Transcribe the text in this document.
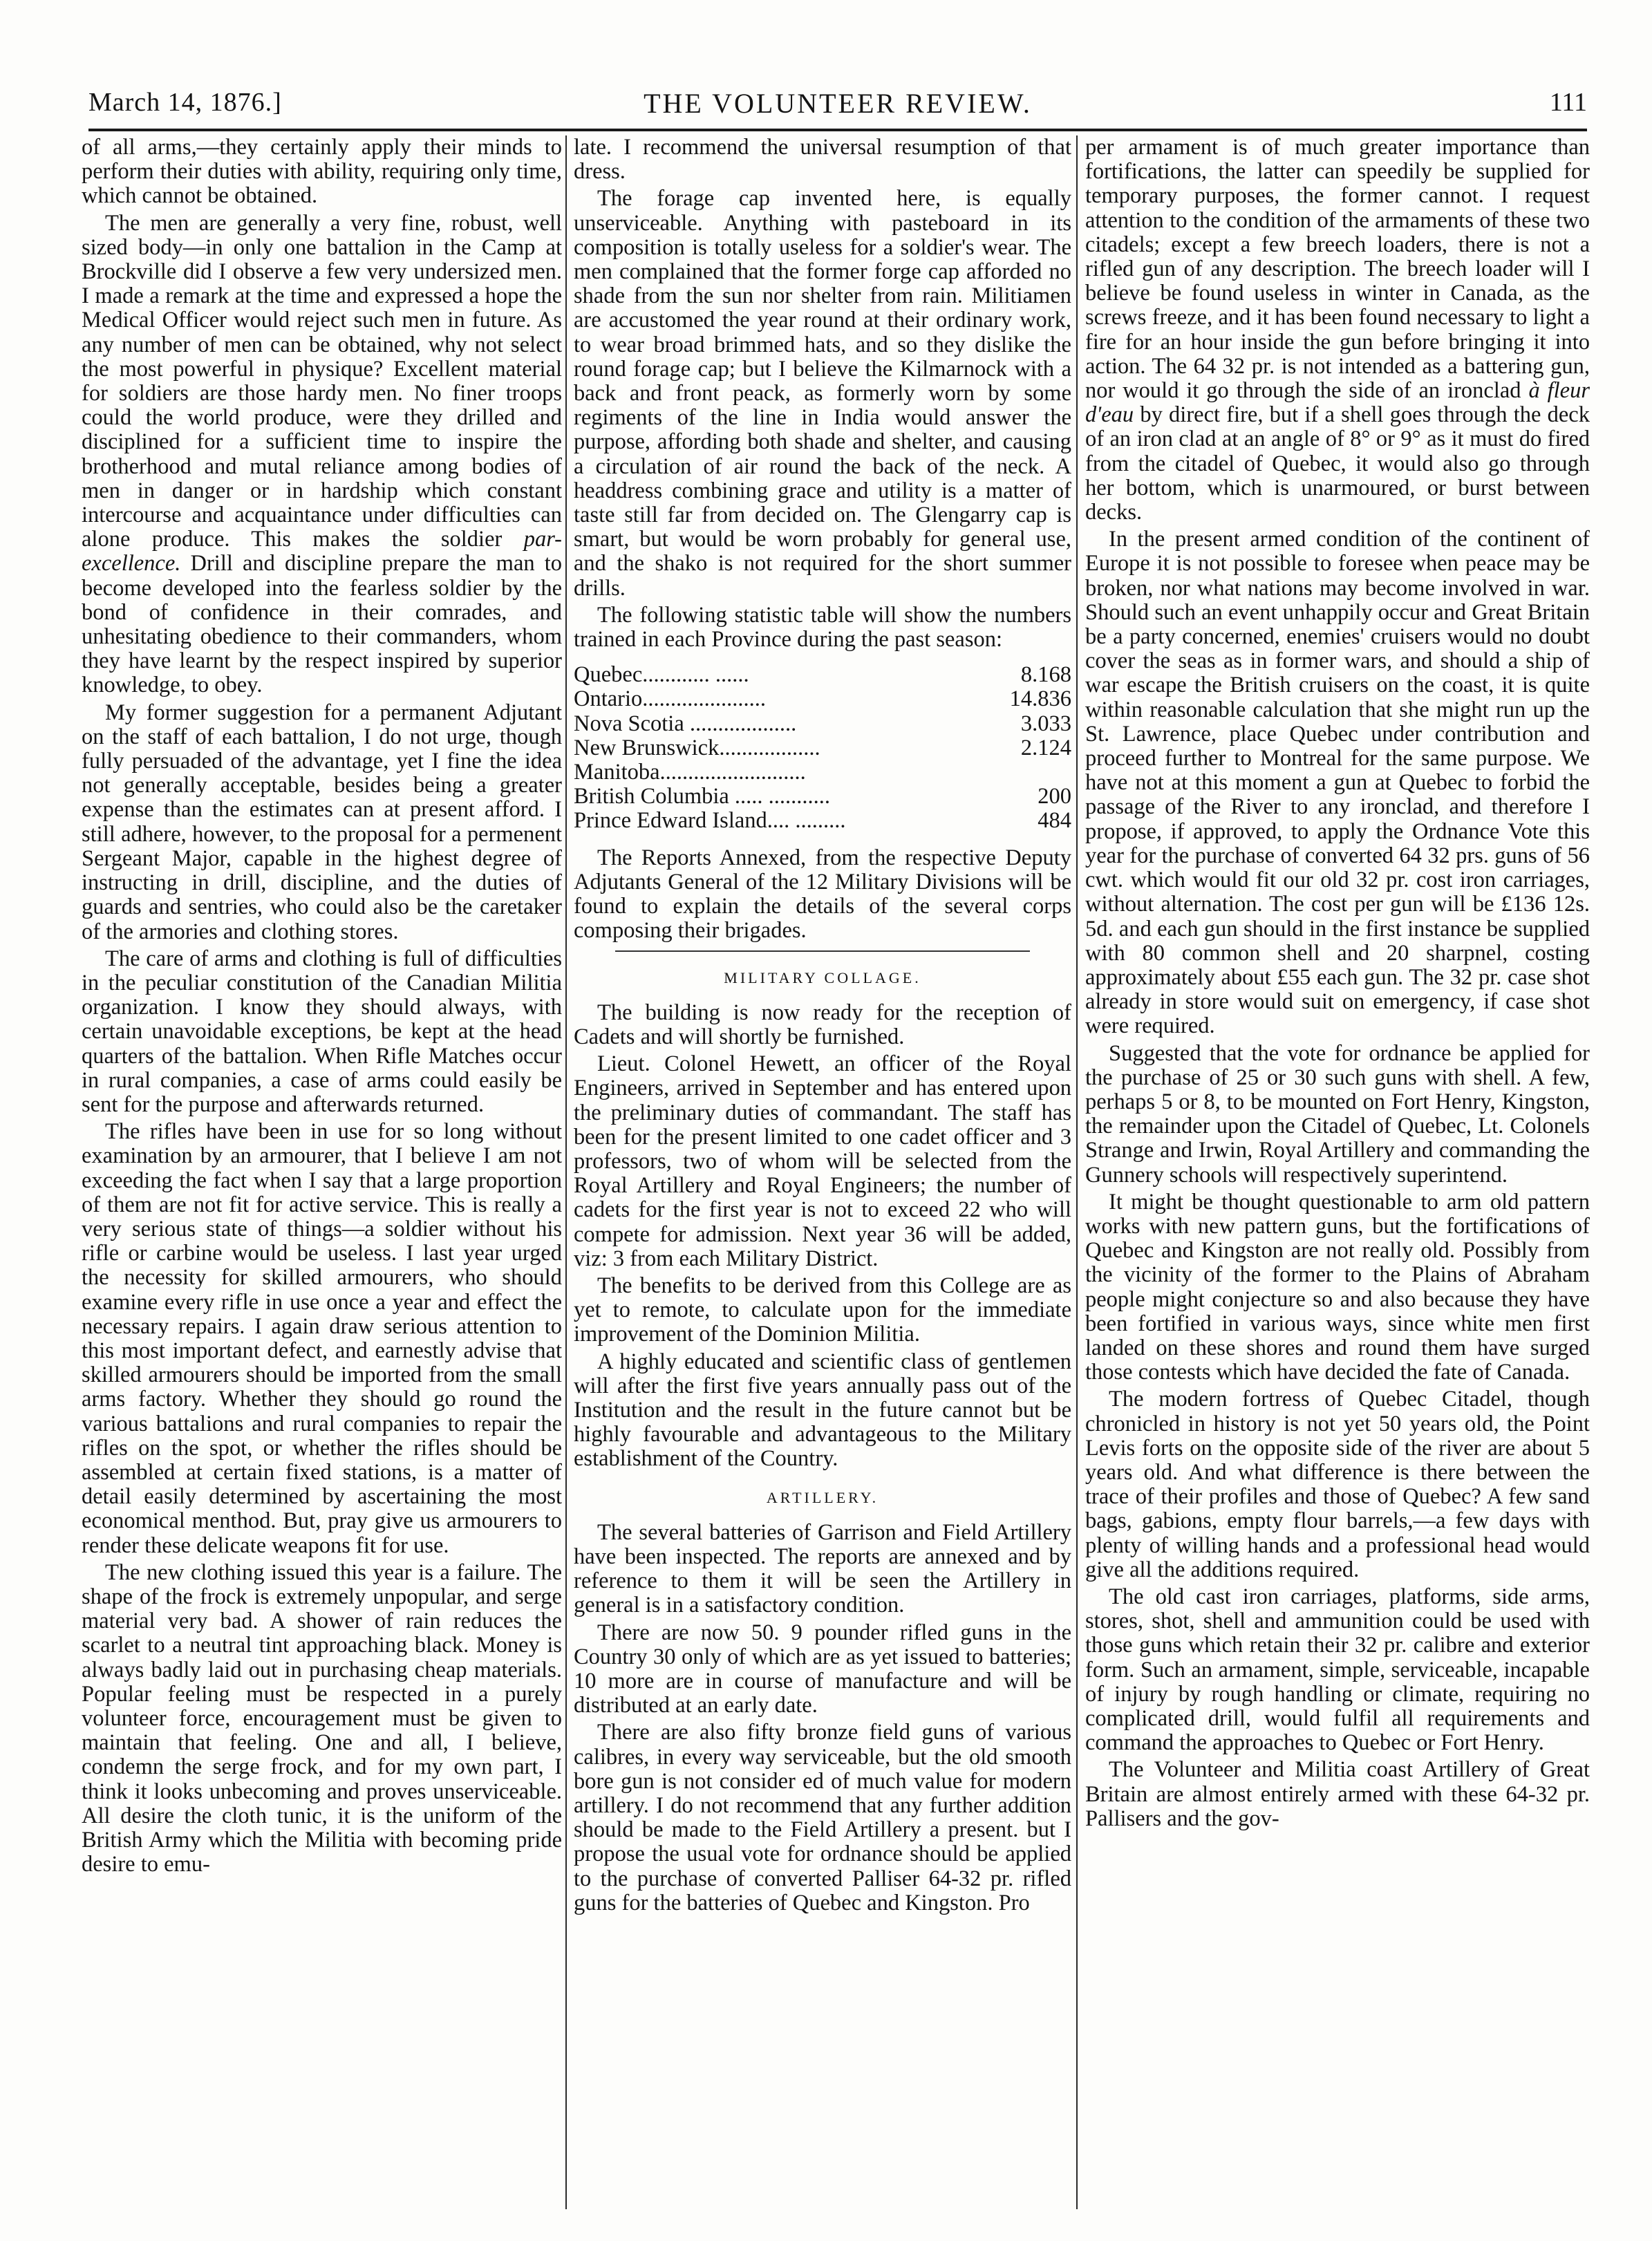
March 14, 1876.]	THE VOLUNTEER REVIEW.	111

of all arms,—they certainly apply their minds to perform their duties with ability, requiring only time, which cannot be obtained.

The men are generally a very fine, robust, well sized body—in only one battalion in the Camp at Brockville did I observe a few very undersized men. I made a remark at the time and expressed a hope the Medical Officer would reject such men in future. As any number of men can be obtained, why not select the most powerful in physique? Excellent material for soldiers are those hardy men. No finer troops could the world produce, were they drilled and disciplined for a sufficient time to inspire the brotherhood and mutal reliance among bodies of men in danger or in hardship which constant intercourse and acquaintance under difficulties can alone produce. This makes the soldier par-excellence. Drill and discipline prepare the man to become developed into the fearless soldier by the bond of confidence in their comrades, and unhesitating obedience to their commanders, whom they have learnt by the respect inspired by superior knowledge, to obey.

My former suggestion for a permanent Adjutant on the staff of each battalion, I do not urge, though fully persuaded of the advantage, yet I fine the idea not generally acceptable, besides being a greater expense than the estimates can at present afford. I still adhere, however, to the proposal for a permenent Sergeant Major, capable in the highest degree of instructing in drill, discipline, and the duties of guards and sentries, who could also be the caretaker of the armories and clothing stores.

The care of arms and clothing is full of difficulties in the peculiar constitution of the Canadian Militia organization. I know they should always, with certain unavoidable exceptions, be kept at the head quarters of the battalion. When Rifle Matches occur in rural companies, a case of arms could easily be sent for the purpose and afterwards returned.

The rifles have been in use for so long without examination by an armourer, that I believe I am not exceeding the fact when I say that a large proportion of them are not fit for active service. This is really a very serious state of things—a soldier without his rifle or carbine would be useless. I last year urged the necessity for skilled armourers, who should examine every rifle in use once a year and effect the necessary repairs. I again draw serious attention to this most important defect, and earnestly advise that skilled armourers should be imported from the small arms factory. Whether they should go round the various battalions and rural companies to repair the rifles on the spot, or whether the rifles should be assembled at certain fixed stations, is a matter of detail easily determined by ascertaining the most economical menthod. But, pray give us armourers to render these delicate weapons fit for use.

The new clothing issued this year is a failure. The shape of the frock is extremely unpopular, and serge material very bad. A shower of rain reduces the scarlet to a neutral tint approaching black. Money is always badly laid out in purchasing cheap materials. Popular feeling must be respected in a purely volunteer force, encouragement must be given to maintain that feeling. One and all, I believe, condemn the serge frock, and for my own part, I think it looks unbecoming and proves unserviceable. All desire the cloth tunic, it is the uniform of the British Army which the Militia with becoming pride desire to emu-

late. I recommend the universal resumption of that dress.

The forage cap invented here, is equally unserviceable. Anything with pasteboard in its composition is totally useless for a soldier's wear. The men complained that the former forge cap afforded no shade from the sun nor shelter from rain. Militiamen are accustomed the year round at their ordinary work, to wear broad brimmed hats, and so they dislike the round forage cap; but I believe the Kilmarnock with a back and front peack, as formerly worn by some regiments of the line in India would answer the purpose, affording both shade and shelter, and causing a circulation of air round the back of the neck. A headdress combining grace and utility is a matter of taste still far from decided on. The Glengarry cap is smart, but would be worn probably for general use, and the shako is not required for the short summer drills.

The following statistic table will show the numbers trained in each Province during the past season:

Quebec............ ......	8.168
Ontario......................	14.836
Nova Scotia ...................	3.033
New Brunswick..................	2.124
Manitoba..........................	
British Columbia ..... ...........	200
Prince Edward Island.... .........	484

The Reports Annexed, from the respective Deputy Adjutants General of the 12 Military Divisions will be found to explain the details of the several corps composing their brigades.

MILITARY COLLAGE.

The building is now ready for the reception of Cadets and will shortly be furnished.

Lieut. Colonel Hewett, an officer of the Royal Engineers, arrived in September and has entered upon the preliminary duties of commandant. The staff has been for the present limited to one cadet officer and 3 professors, two of whom will be selected from the Royal Artillery and Royal Engineers; the number of cadets for the first year is not to exceed 22 who will compete for admission. Next year 36 will be added, viz: 3 from each Military District.

The benefits to be derived from this College are as yet to remote, to calculate upon for the immediate improvement of the Dominion Militia.

A highly educated and scientific class of gentlemen will after the first five years annually pass out of the Institution and the result in the future cannot but be highly favourable and advantageous to the Military establishment of the Country.

ARTILLERY.

The several batteries of Garrison and Field Artillery have been inspected. The reports are annexed and by reference to them it will be seen the Artillery in general is in a satisfactory condition.

There are now 50. 9 pounder rifled guns in the Country 30 only of which are as yet issued to batteries; 10 more are in course of manufacture and will be distributed at an early date.

There are also fifty bronze field guns of various calibres, in every way serviceable, but the old smooth bore gun is not consider ed of much value for modern artillery. I do not recommend that any further addition should be made to the Field Artillery a present. but I propose the usual vote for ordnance should be applied to the purchase of converted Palliser 64-32 pr. rifled guns for the batteries of Quebec and Kingston. Pro

per armament is of much greater importance than fortifications, the latter can speedily be supplied for temporary purposes, the former cannot. I request attention to the condition of the armaments of these two citadels; except a few breech loaders, there is not a rifled gun of any description. The breech loader will I believe be found useless in winter in Canada, as the screws freeze, and it has been found necessary to light a fire for an hour inside the gun before bringing it into action. The 64 32 pr. is not intended as a battering gun, nor would it go through the side of an ironclad à fleur d'eau by direct fire, but if a shell goes through the deck of an iron clad at an angle of 8° or 9° as it must do fired from the citadel of Quebec, it would also go through her bottom, which is unarmoured, or burst between decks.

In the present armed condition of the continent of Europe it is not possible to foresee when peace may be broken, nor what nations may become involved in war. Should such an event unhappily occur and Great Britain be a party concerned, enemies' cruisers would no doubt cover the seas as in former wars, and should a ship of war escape the British cruisers on the coast, it is quite within reasonable calculation that she might run up the St. Lawrence, place Quebec under contribution and proceed further to Montreal for the same purpose. We have not at this moment a gun at Quebec to forbid the passage of the River to any ironclad, and therefore I propose, if approved, to apply the Ordnance Vote this year for the purchase of converted 64 32 prs. guns of 56 cwt. which would fit our old 32 pr. cost iron carriages, without alternation. The cost per gun will be £136 12s. 5d. and each gun should in the first instance be supplied with 80 common shell and 20 sharpnel, costing approximately about £55 each gun. The 32 pr. case shot already in store would suit on emergency, if case shot were required.

Suggested that the vote for ordnance be applied for the purchase of 25 or 30 such guns with shell. A few, perhaps 5 or 8, to be mounted on Fort Henry, Kingston, the remainder upon the Citadel of Quebec, Lt. Colonels Strange and Irwin, Royal Artillery and commanding the Gunnery schools will respectively superintend.

It might be thought questionable to arm old pattern works with new pattern guns, but the fortifications of Quebec and Kingston are not really old. Possibly from the vicinity of the former to the Plains of Abraham people might conjecture so and also because they have been fortified in various ways, since white men first landed on these shores and round them have surged those contests which have decided the fate of Canada.

The modern fortress of Quebec Citadel, though chronicled in history is not yet 50 years old, the Point Levis forts on the opposite side of the river are about 5 years old. And what difference is there between the trace of their profiles and those of Quebec? A few sand bags, gabions, empty flour barrels,—a few days with plenty of willing hands and a professional head would give all the additions required.

The old cast iron carriages, platforms, side arms, stores, shot, shell and ammunition could be used with those guns which retain their 32 pr. calibre and exterior form. Such an armament, simple, serviceable, incapable of injury by rough handling or climate, requiring no complicated drill, would fulfil all requirements and command the approaches to Quebec or Fort Henry.

The Volunteer and Militia coast Artillery of Great Britain are almost entirely armed with these 64-32 pr. Pallisers and the gov-
